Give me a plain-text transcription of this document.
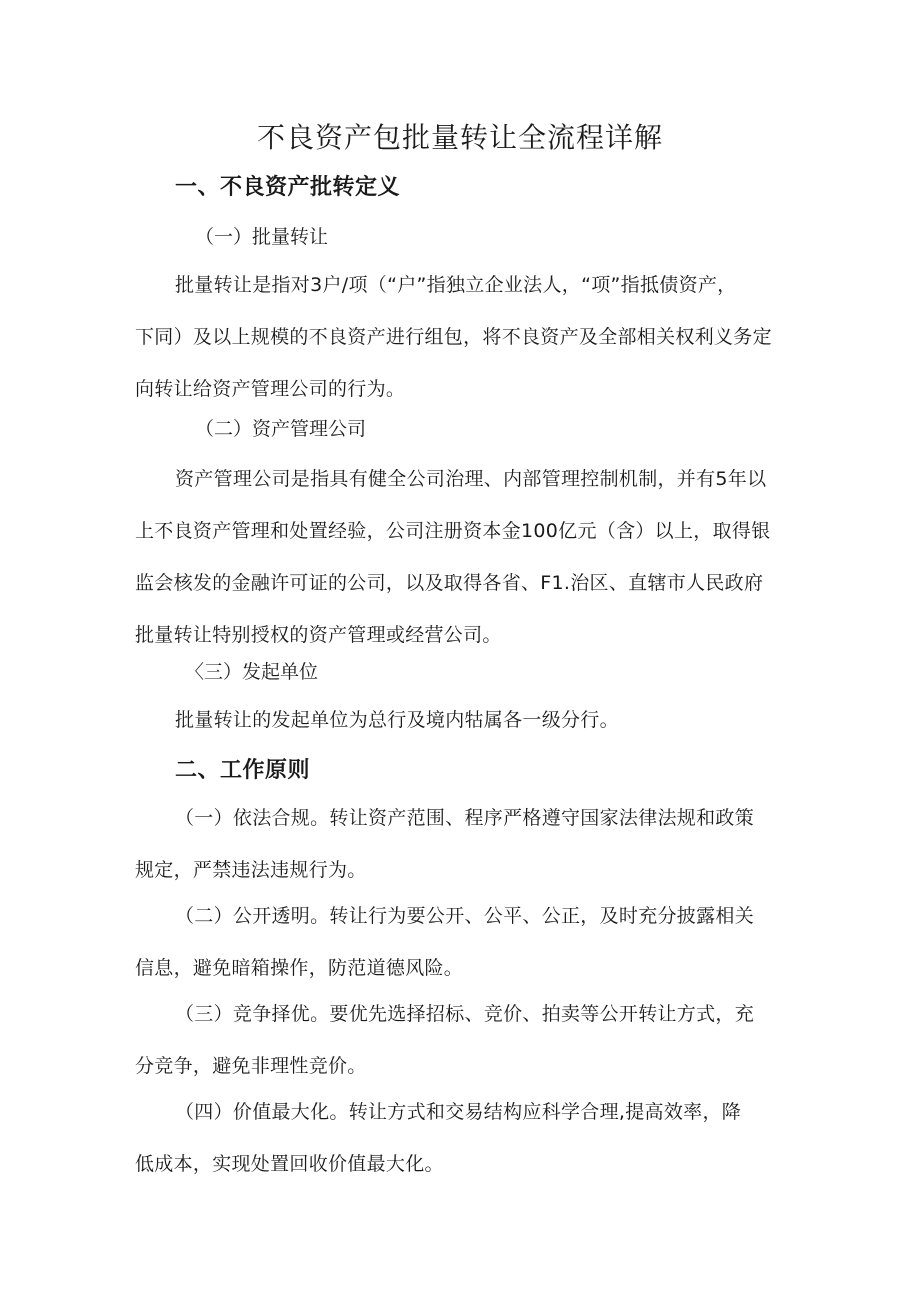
不良资产包批量转让全流程详解
一、不良资产批转定义
（一）批量转让
批量转让是指对3户/项（“户”指独立企业法人，“项”指抵债资产，
下同）及以上规模的不良资产进行组包，将不良资产及全部相关权利义务定
向转让给资产管理公司的行为。
（二）资产管理公司
资产管理公司是指具有健全公司治理、内部管理控制机制，并有5年以
上不良资产管理和处置经验，公司注册资本金100亿元（含）以上，取得银
监会核发的金融许可证的公司，以及取得各省、F1.治区、直辖市人民政府
批量转让特别授权的资产管理或经营公司。
〈三）发起单位
批量转让的发起单位为总行及境内牯属各一级分行。
二、工作原则
（一）依法合规。转让资产范围、程序严格遵守国家法律法规和政策
规定，严禁违法违规行为。
（二）公开透明。转让行为要公开、公平、公正，及时充分披露相关
信息，避免暗箱操作，防范道德风险。
（三）竞争择优。要优先选择招标、竞价、拍卖等公开转让方式，充
分竞争，避免非理性竞价。
（四）价值最大化。转让方式和交易结构应科学合理,提高效率，降
低成本，实现处置回收价值最大化。
